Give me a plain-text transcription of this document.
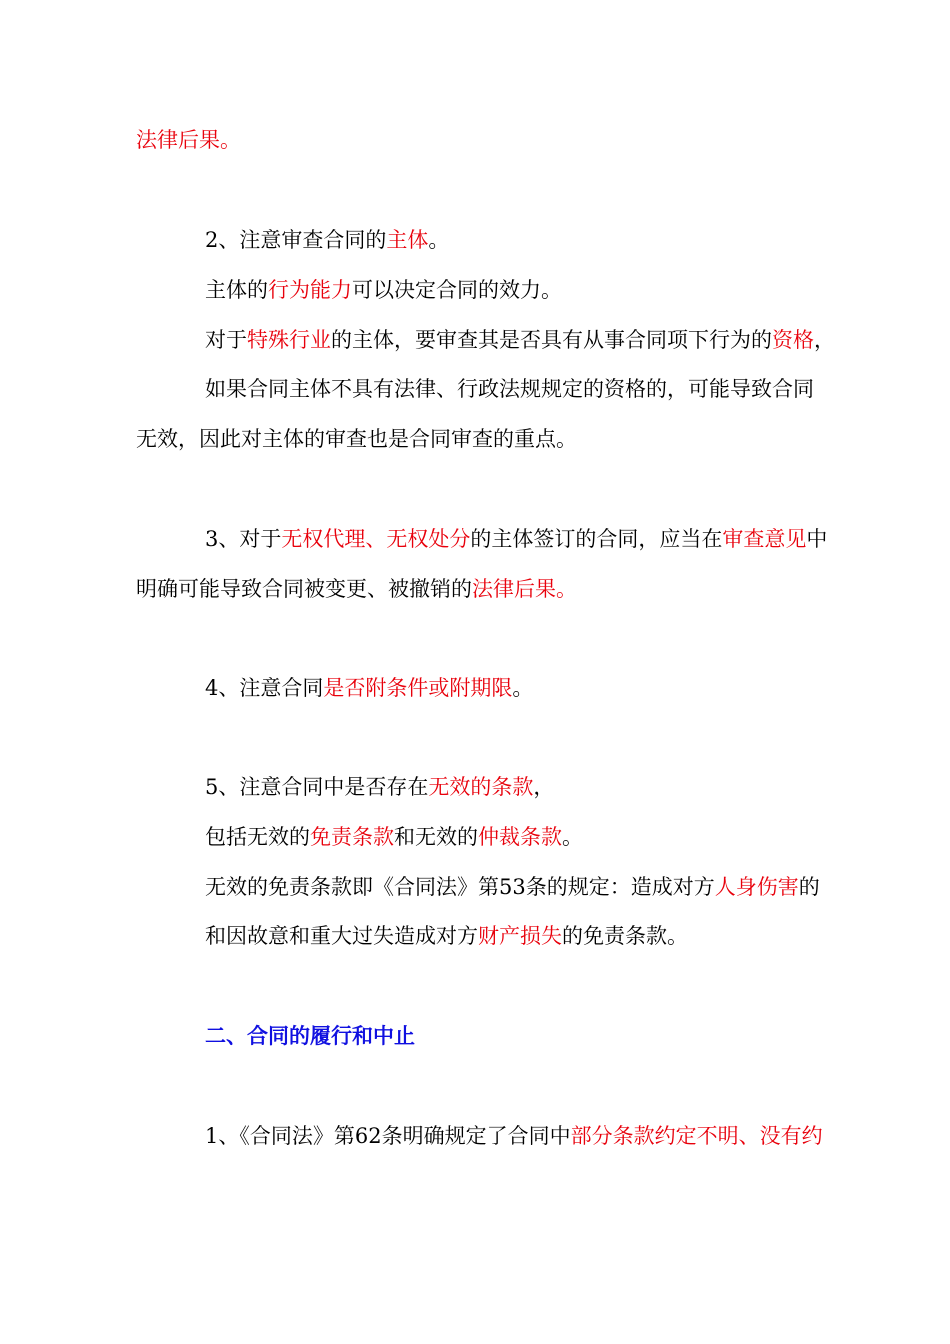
法律后果。

2、注意审查合同的主体。

主体的行为能力可以决定合同的效力。

对于特殊行业的主体，要审查其是否具有从事合同项下行为的资格，

如果合同主体不具有法律、行政法规规定的资格的，可能导致合同

无效，因此对主体的审查也是合同审查的重点。

3、对于无权代理、无权处分的主体签订的合同，应当在审查意见中

明确可能导致合同被变更、被撤销的法律后果。

4、注意合同是否附条件或附期限。

5、注意合同中是否存在无效的条款，

包括无效的免责条款和无效的仲裁条款。

无效的免责条款即《合同法》第53条的规定：造成对方人身伤害的

和因故意和重大过失造成对方财产损失的免责条款。

二、合同的履行和中止

1、《合同法》第62条明确规定了合同中部分条款约定不明、没有约
